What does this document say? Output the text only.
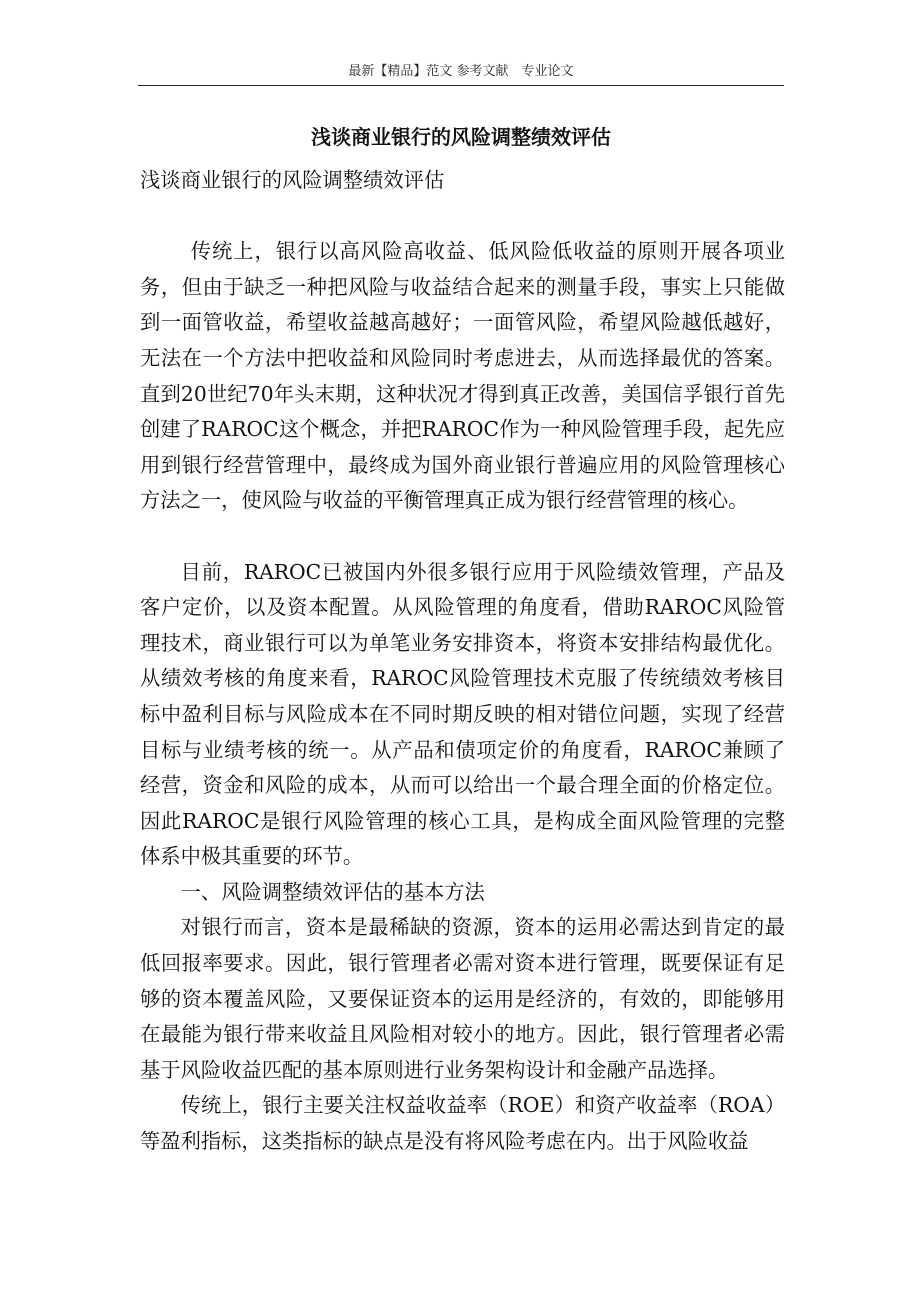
最新【精品】范文 参考文献　专业论文
浅谈商业银行的风险调整绩效评估

浅谈商业银行的风险调整绩效评估

传统上，银行以高风险高收益、低风险低收益的原则开展各项业务，但由于缺乏一种把风险与收益结合起来的测量手段，事实上只能做到一面管收益，希望收益越高越好；一面管风险，希望风险越低越好，无法在一个方法中把收益和风险同时考虑进去，从而选择最优的答案。直到20世纪70年头末期，这种状况才得到真正改善，美国信孚银行首先创建了RAROC这个概念，并把RAROC作为一种风险管理手段，起先应用到银行经营管理中，最终成为国外商业银行普遍应用的风险管理核心方法之一，使风险与收益的平衡管理真正成为银行经营管理的核心。

目前，RAROC已被国内外很多银行应用于风险绩效管理，产品及客户定价，以及资本配置。从风险管理的角度看，借助RAROC风险管理技术，商业银行可以为单笔业务安排资本，将资本安排结构最优化。从绩效考核的角度来看，RAROC风险管理技术克服了传统绩效考核目标中盈利目标与风险成本在不同时期反映的相对错位问题，实现了经营目标与业绩考核的统一。从产品和债项定价的角度看，RAROC兼顾了经营，资金和风险的成本，从而可以给出一个最合理全面的价格定位。因此RAROC是银行风险管理的核心工具，是构成全面风险管理的完整体系中极其重要的环节。

一、风险调整绩效评估的基本方法

对银行而言，资本是最稀缺的资源，资本的运用必需达到肯定的最低回报率要求。因此，银行管理者必需对资本进行管理，既要保证有足够的资本覆盖风险，又要保证资本的运用是经济的，有效的，即能够用在最能为银行带来收益且风险相对较小的地方。因此，银行管理者必需基于风险收益匹配的基本原则进行业务架构设计和金融产品选择。

传统上，银行主要关注权益收益率（ROE）和资产收益率（ROA）等盈利指标，这类指标的缺点是没有将风险考虑在内。出于风险收益
